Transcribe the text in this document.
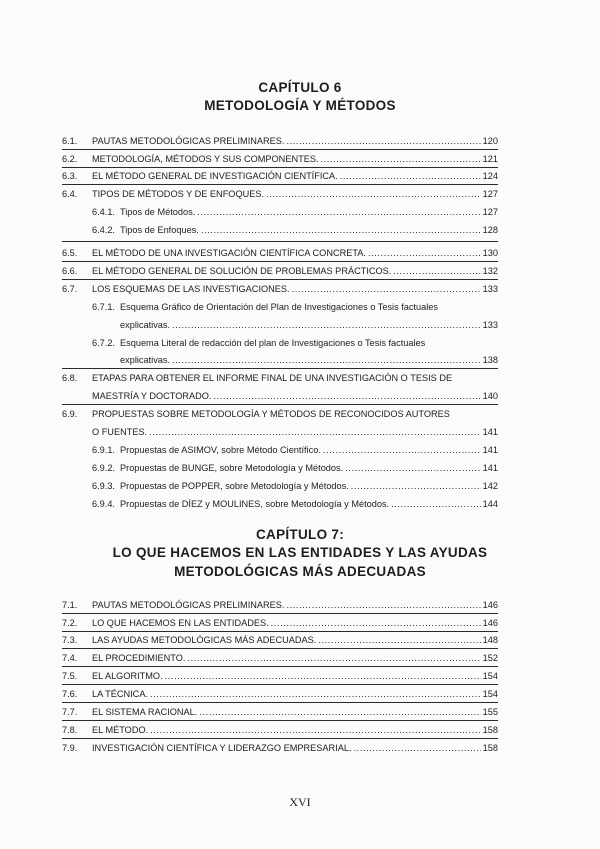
CAPÍTULO 6
METODOLOGÍA Y MÉTODOS
6.1. PAUTAS METODOLÓGICAS PRELIMINARES. .....	120
6.2. METODOLOGÍA, MÉTODOS Y SUS COMPONENTES. .....	121
6.3. EL MÉTODO GENERAL DE INVESTIGACIÓN CIENTÍFICA. .....	124
6.4. TIPOS DE MÉTODOS Y DE ENFOQUES. .....	127
6.4.1. Tipos de Métodos. .....	127
6.4.2. Tipos de Enfoques. .....	128
6.5. EL MÉTODO DE UNA INVESTIGACIÓN CIENTÍFICA CONCRETA. .....	130
6.6. EL MÉTODO GENERAL DE SOLUCIÓN DE PROBLEMAS PRÁCTICOS. .....	132
6.7. LOS ESQUEMAS DE LAS INVESTIGACIONES. .....	133
6.7.1. Esquema Gráfico de Orientación del Plan de Investigaciones o Tesis factuales
explicativas. .....	133
6.7.2. Esquema Literal de redacción del plan de Investigaciones o Tesis factuales
explicativas. .....	138
6.8. ETAPAS PARA OBTENER EL INFORME FINAL DE UNA INVESTIGACIÓN O TESIS DE
MAESTRÍA Y DOCTORADO. .....	140
6.9. PROPUESTAS SOBRE METODOLOGÍA Y MÉTODOS DE RECONOCIDOS AUTORES
O FUENTES. .....	141
6.9.1. Propuestas de ASIMOV, sobre Método Científico. .....	141
6.9.2. Propuestas de BUNGE, sobre Metodología y Métodos. .....	141
6.9.3. Propuestas de POPPER, sobre Metodología y Métodos. .....	142
6.9.4. Propuestas de DÍEZ y MOULINES, sobre Metodología y Métodos. .....	144
CAPÍTULO 7:
LO QUE HACEMOS EN LAS ENTIDADES Y LAS AYUDAS
METODOLÓGICAS MÁS ADECUADAS
7.1. PAUTAS METODOLÓGICAS PRELIMINARES. .....	146
7.2. LO QUE HACEMOS EN LAS ENTIDADES. .....	146
7.3. LAS AYUDAS METODOLÓGICAS MÁS ADECUADAS. .....	148
7.4. EL PROCEDIMIENTO. .....	152
7.5. EL ALGORITMO. .....	154
7.6. LA TÉCNICA. .....	154
7.7. EL SISTEMA RACIONAL. .....	155
7.8. EL MÉTODO. .....	158
7.9. INVESTIGACIÓN CIENTÍFICA Y LIDERAZGO EMPRESARIAL. .....	158
XVI
